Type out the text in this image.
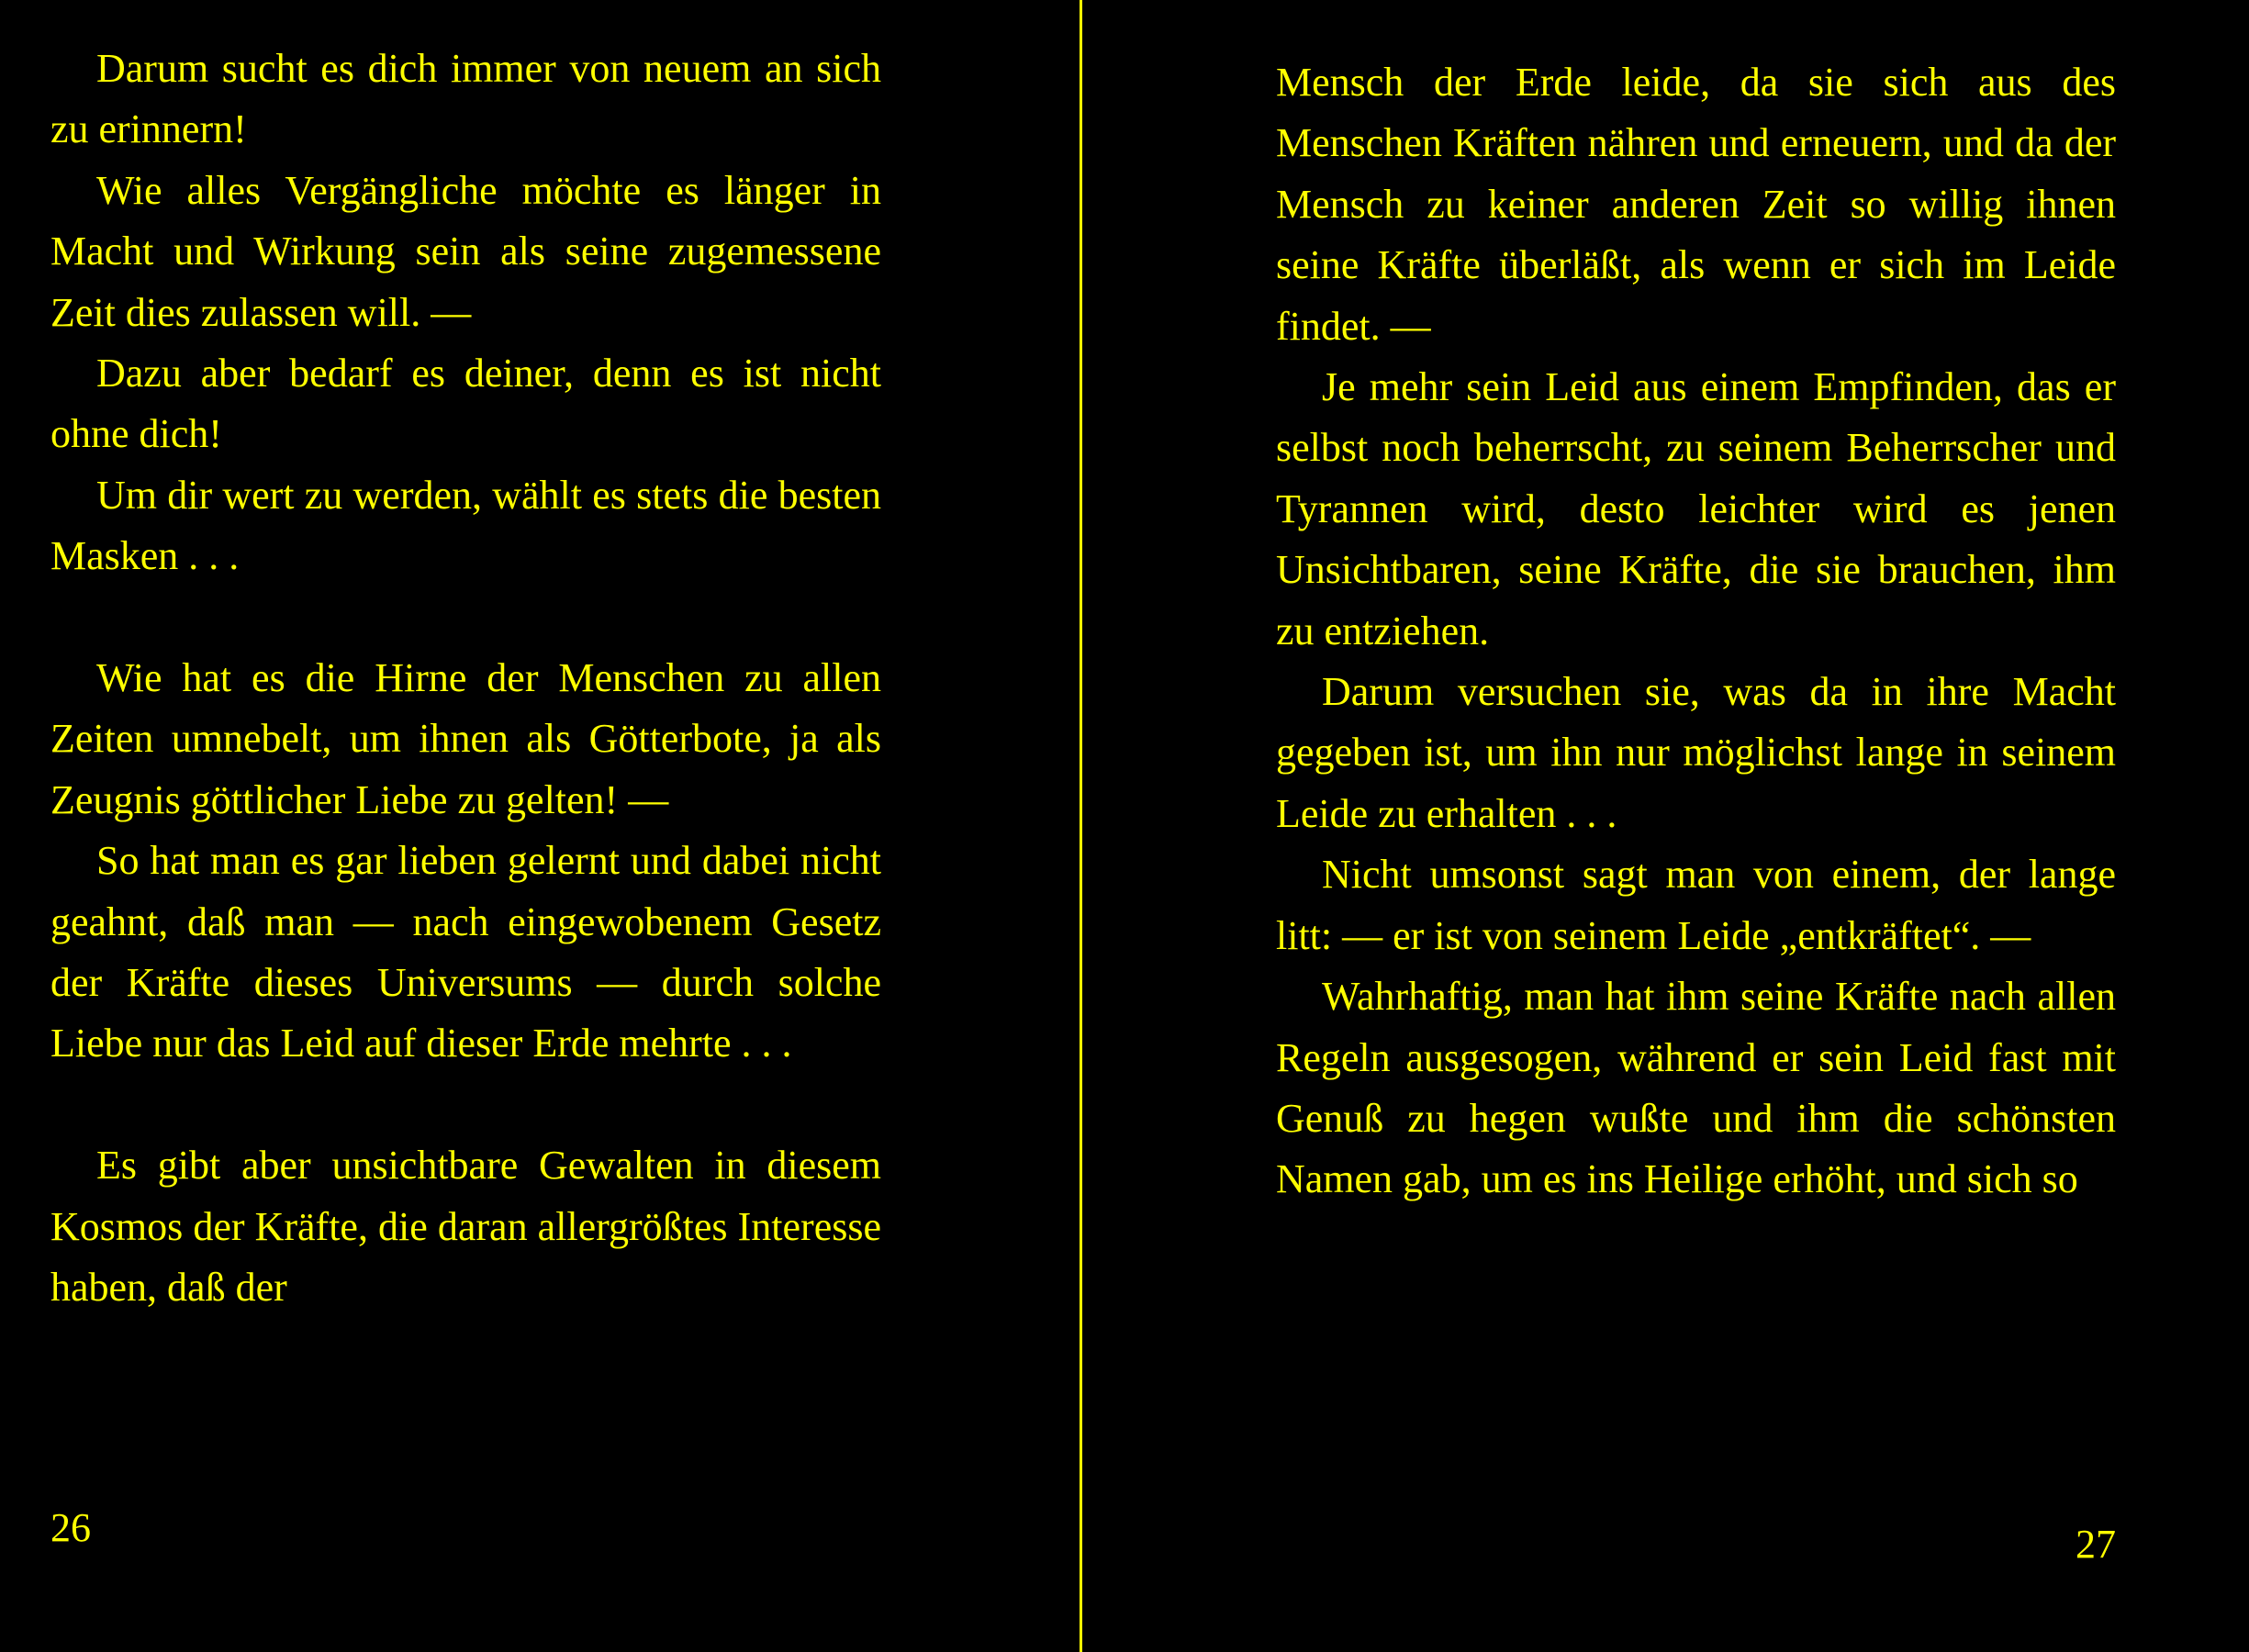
Darum sucht es dich immer von neuem an sich zu erinnern!

Wie alles Vergängliche möchte es länger in Macht und Wirkung sein als seine zugemessene Zeit dies zulassen will. —

Dazu aber bedarf es deiner, denn es ist nicht ohne dich!

Um dir wert zu werden, wählt es stets die besten Masken . . .

Wie hat es die Hirne der Menschen zu allen Zeiten umnebelt, um ihnen als Götterbote, ja als Zeugnis göttlicher Liebe zu gelten! —

So hat man es gar lieben gelernt und dabei nicht geahnt, daß man — nach eingewobenem Gesetz der Kräfte dieses Universums — durch solche Liebe nur das Leid auf dieser Erde mehrte . . .

Es gibt aber unsichtbare Gewalten in diesem Kosmos der Kräfte, die daran allergrößtes Interesse haben, daß der

26

Mensch der Erde leide, da sie sich aus des Menschen Kräften nähren und erneuern, und da der Mensch zu keiner anderen Zeit so willig ihnen seine Kräfte überläßt, als wenn er sich im Leide findet. —

Je mehr sein Leid aus einem Empfinden, das er selbst noch beherrscht, zu seinem Beherrscher und Tyrannen wird, desto leichter wird es jenen Unsichtbaren, seine Kräfte, die sie brauchen, ihm zu entziehen.

Darum versuchen sie, was da in ihre Macht gegeben ist, um ihn nur möglichst lange in seinem Leide zu erhalten . . .

Nicht umsonst sagt man von einem, der lange litt: — er ist von seinem Leide „entkräftet“. —

Wahrhaftig, man hat ihm seine Kräfte nach allen Regeln ausgesogen, während er sein Leid fast mit Genuß zu hegen wußte und ihm die schönsten Namen gab, um es ins Heilige erhöht, und sich so

27
